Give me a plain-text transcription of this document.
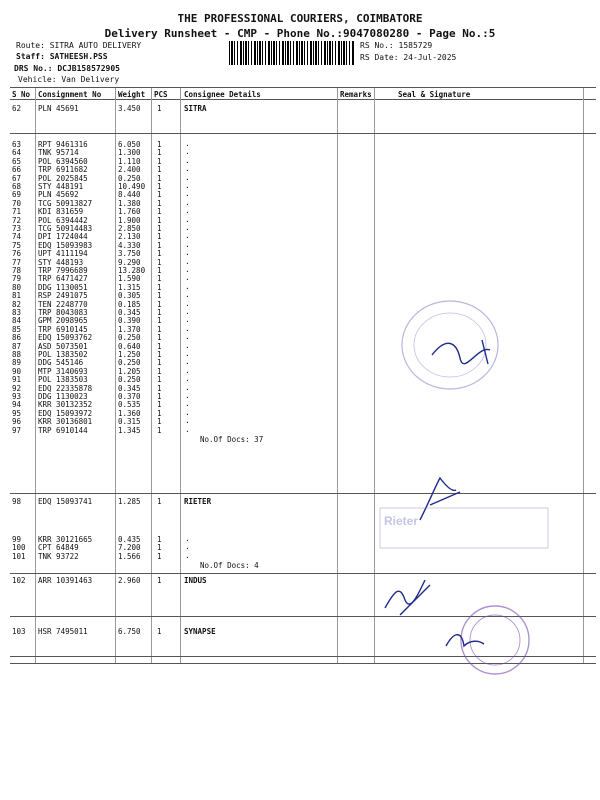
THE PROFESSIONAL COURIERS, COIMBATORE
Delivery Runsheet - CMP - Phone No.:9047080280 - Page No.:5
Route: SITRA AUTO DELIVERY
Staff: SATHEESH.PSS
RS No.: 1585729
RS Date: 24-Jul-2025
DRS No.: DCJB158572905
Vehicle: Van Delivery
S No Consignment No Weight PCS Consignee Details	Remarks	Seal & Signature
62 PLN 45691	3.450 1	SITRA
63 RPT 9461316	6.050 1	.
64 TNK 95714	1.300 1	.
65 POL 6394560	1.110 1	.
66 TRP 6911682	2.400 1	.
67 POL 2025845	0.250 1	.
68 STY 448191	10.490 1	.
69 PLN 45692	8.440 1	.
70 TCG 50913827	1.380 1	.
71 KDI 831659	1.760 1	.
72 POL 6394442	1.900 1	.
73 TCG 50914483	2.850 1	.
74 DPI 1724044	2.130 1	.
75 EDQ 15093983	4.330 1	.
76 UPT 4111194	3.750 1	.
77 STY 448193	9.290 1	.
78 TRP 7996689	13.280 1	.
79 TRP 6471427	1.590 1	.
80 DDG 1130051	1.315 1	.
81 RSP 2491075	0.305 1	.
82 TEN 2248770	0.185 1	.
83 TRP 8043083	0.345 1	.
84 GPM 2098965	0.390 1	.
85 TRP 6910145	1.370 1	.
86 EDQ 15093762	0.250 1	.
87 ASD 5073501	0.640 1	.
88 POL 1383502	1.250 1	.
89 DDG 545146	0.250 1	.
90 MTP 3140693	1.205 1	.
91 POL 1383503	0.250 1	.
92 EDQ 22335878	0.345 1	.
93 DDG 1130023	0.370 1	.
94 KRR 30132352	0.535 1	.
95 EDQ 15093972	1.360 1	.
96 KRR 30136801	0.315 1	.
97 TRP 6910144	1.345 1	.
No.Of Docs: 37
98 EDQ 15093741	1.285 1	RIETER
99 KRR 30121665	0.435 1	.
100 CPT 64849	7.200 1	.
101 TNK 93722	1.566 1	.
No.Of Docs: 4
102 ARR 10391463	2.960 1	INDUS
103 HSR 7495011	6.750 1	SYNAPSE
Rieter
